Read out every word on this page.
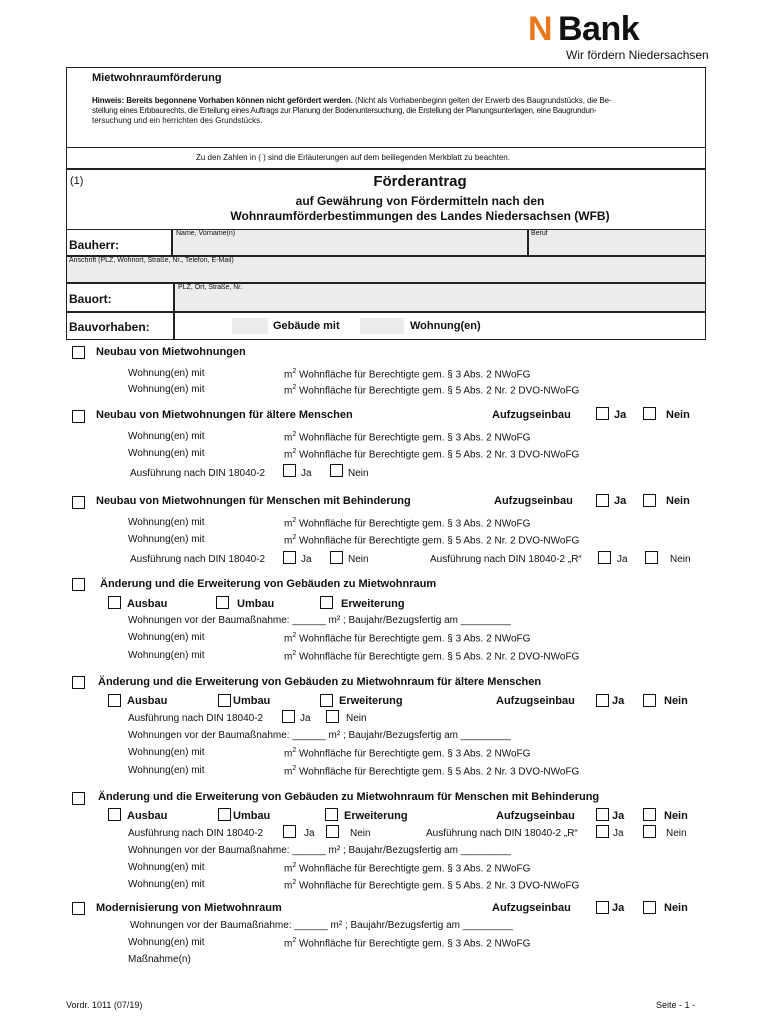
N Bank
Wir fördern Niedersachsen
Mietwohnraumförderung
Hinweis: Bereits begonnene Vorhaben können nicht gefördert werden. (Nicht als Vorhabenbeginn gelten der Erwerb des Baugrundstücks, die Be-
stellung eines Erbbaurechts, die Erteilung eines Auftrags zur Planung der Bodenuntersuchung, die Erstellung der Planungsunterlagen, eine Baugrundun-
tersuchung und ein herrichten des Grundstücks.
Zu den Zahlen in ( ) sind die Erläuterungen auf dem beiliegenden Merkblatt zu beachten.
(1)	Förderantrag
auf Gewährung von Fördermitteln nach den
Wohnraumförderbestimmungen des Landes Niedersachsen (WFB)
Bauherr:
Name, Vorname(n)	Beruf
Anschrift (PLZ, Wohnort, Straße, Nr., Telefon, E-Mail)
Bauort:
PLZ, Ort, Straße, Nr.
Bauvorhaben:	Gebäude mit	Wohnung(en)
Neubau von Mietwohnungen
Wohnung(en) mit	$m^2$ Wohnfläche für Berechtigte gem. § 3 Abs. 2 NWoFG
Wohnung(en) mit	$m^2$ Wohnfläche für Berechtigte gem. § 5 Abs. 2 Nr. 2 DVO-NWoFG
Neubau von Mietwohnungen für ältere Menschen	Aufzugseinbau	Ja	Nein
Wohnung(en) mit	$m^2$ Wohnfläche für Berechtigte gem. § 3 Abs. 2 NWoFG
Wohnung(en) mit	$m^2$ Wohnfläche für Berechtigte gem. § 5 Abs. 2 Nr. 3 DVO-NWoFG
Ausführung nach DIN 18040-2	Ja	Nein
Neubau von Mietwohnungen für Menschen mit Behinderung	Aufzugseinbau	Ja	Nein
Wohnung(en) mit	$m^2$ Wohnfläche für Berechtigte gem. § 3 Abs. 2 NWoFG
Wohnung(en) mit	$m^2$ Wohnfläche für Berechtigte gem. § 5 Abs. 2 Nr. 2 DVO-NWoFG
Ausführung nach DIN 18040-2	Ja	Nein	Ausführung nach DIN 18040-2 „R“	Ja	Nein
Änderung und die Erweiterung von Gebäuden zu Mietwohnraum
Ausbau	Umbau	Erweiterung
Wohnungen vor der Baumaßnahme: ______ m² ; Baujahr/Bezugsfertig am _________
Wohnung(en) mit	$m^2$ Wohnfläche für Berechtigte gem. § 3 Abs. 2 NWoFG
Wohnung(en) mit	$m^2$ Wohnfläche für Berechtigte gem. § 5 Abs. 2 Nr. 2 DVO-NWoFG
Änderung und die Erweiterung von Gebäuden zu Mietwohnraum für ältere Menschen
Ausbau	Umbau	Erweiterung	Aufzugseinbau	Ja	Nein
Ausführung nach DIN 18040-2	Ja	Nein
Wohnungen vor der Baumaßnahme: ______ m² ; Baujahr/Bezugsfertig am _________
Wohnung(en) mit	$m^2$ Wohnfläche für Berechtigte gem. § 3 Abs. 2 NWoFG
Wohnung(en) mit	$m^2$ Wohnfläche für Berechtigte gem. § 5 Abs. 2 Nr. 3 DVO-NWoFG
Änderung und die Erweiterung von Gebäuden zu Mietwohnraum für Menschen mit Behinderung
Ausbau	Umbau	Erweiterung	Aufzugseinbau	Ja	Nein
Ausführung nach DIN 18040-2	Ja	Nein	Ausführung nach DIN 18040-2 „R“	Ja	Nein
Wohnungen vor der Baumaßnahme: ______ m² ; Baujahr/Bezugsfertig am _________
Wohnung(en) mit	$m^2$ Wohnfläche für Berechtigte gem. § 3 Abs. 2 NWoFG
Wohnung(en) mit	$m^2$ Wohnfläche für Berechtigte gem. § 5 Abs. 2 Nr. 3 DVO-NWoFG
Modernisierung von Mietwohnraum	Aufzugseinbau	Ja	Nein
Wohnungen vor der Baumaßnahme: ______ m² ; Baujahr/Bezugsfertig am _________
Wohnung(en) mit	$m^2$ Wohnfläche für Berechtigte gem. § 3 Abs. 2 NWoFG
Maßnahme(n)
Vordr. 1011 (07/19)	Seite - 1 -
